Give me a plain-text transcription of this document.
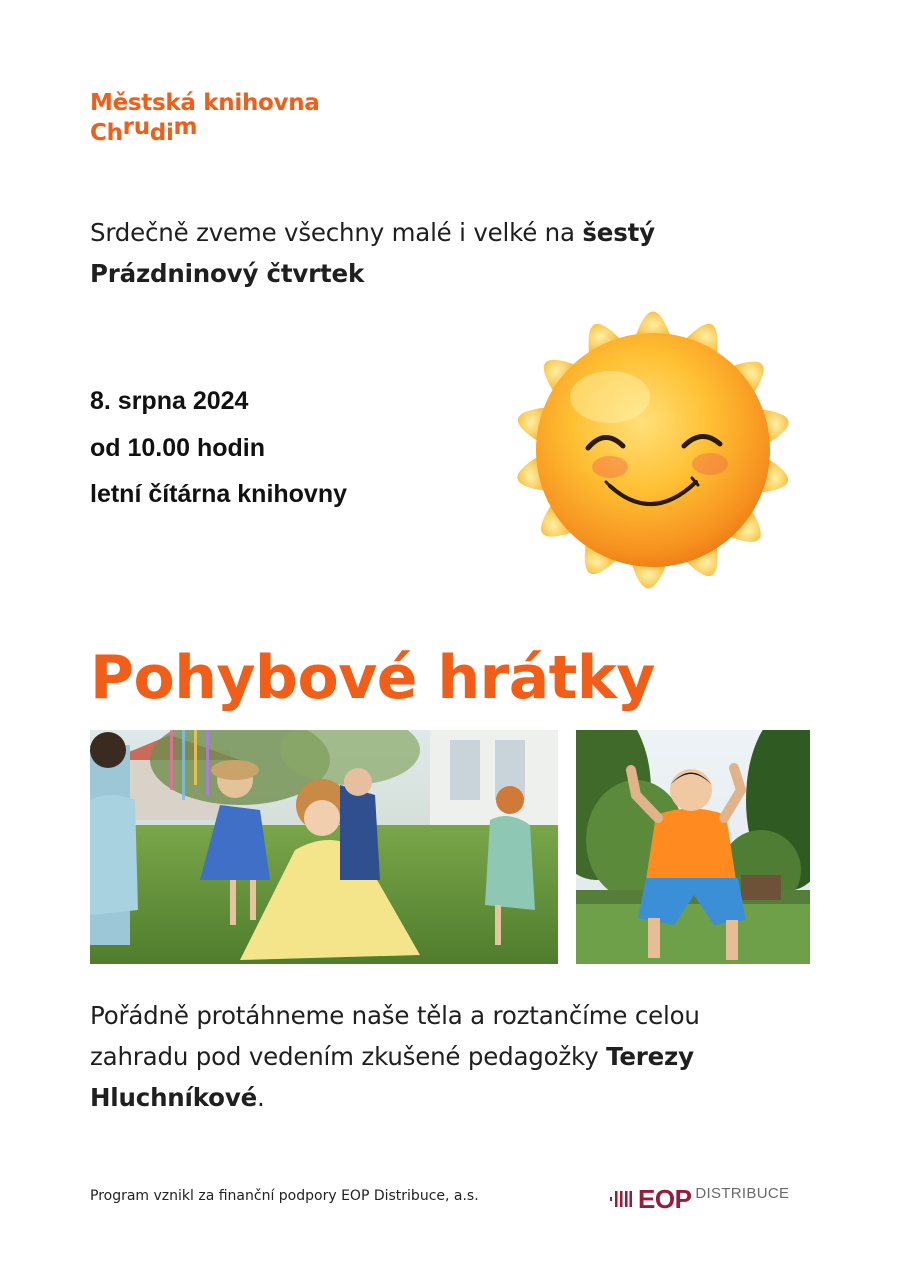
Městská knihovna
Chrudim
Srdečně zveme všechny malé i velké na šestý Prázdninový čtvrtek
8. srpna 2024
od 10.00 hodin
letní čítárna knihovny
Pohybové hrátky
Pořádně protáhneme naše těla a roztančíme celou zahradu pod vedením zkušené pedagožky Terezy Hluchníkové.
Program vznikl za finanční podpory EOP Distribuce, a.s.	EOP DISTRIBUCE
